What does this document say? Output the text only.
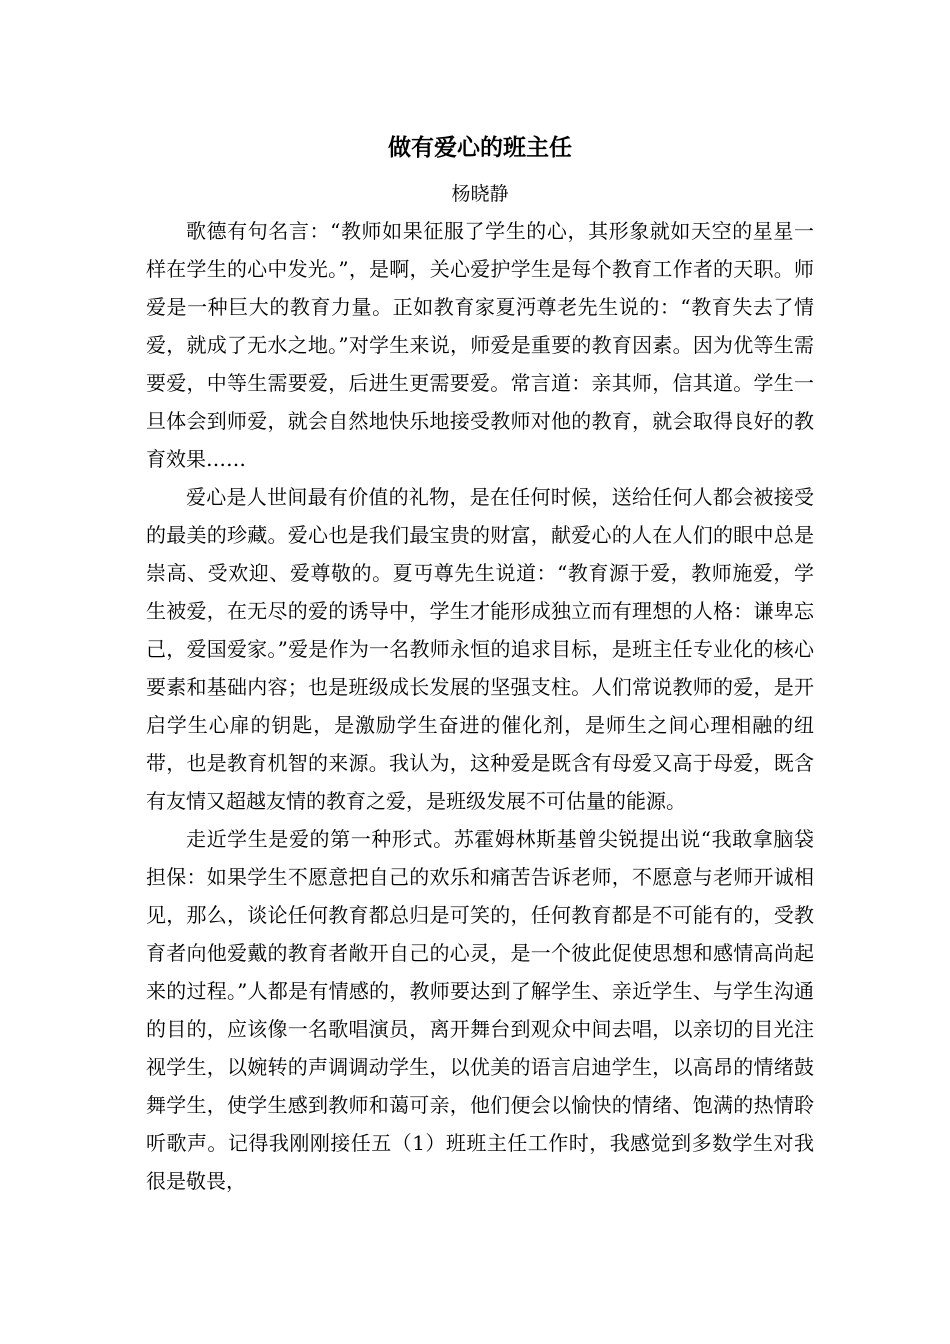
做有爱心的班主任

杨晓静

歌德有句名言：“教师如果征服了学生的心，其形象就如天空的星星一样在学生的心中发光。”，是啊，关心爱护学生是每个教育工作者的天职。师爱是一种巨大的教育力量。正如教育家夏沔尊老先生说的：“教育失去了情爱，就成了无水之地。”对学生来说，师爱是重要的教育因素。因为优等生需要爱，中等生需要爱，后进生更需要爱。常言道：亲其师，信其道。学生一旦体会到师爱，就会自然地快乐地接受教师对他的教育，就会取得良好的教育效果……

爱心是人世间最有价值的礼物，是在任何时候，送给任何人都会被接受的最美的珍藏。爱心也是我们最宝贵的财富，献爱心的人在人们的眼中总是崇高、受欢迎、爱尊敬的。夏丏尊先生说道：“教育源于爱，教师施爱，学生被爱，在无尽的爱的诱导中，学生才能形成独立而有理想的人格：谦卑忘己，爱国爱家。”爱是作为一名教师永恒的追求目标，是班主任专业化的核心要素和基础内容；也是班级成长发展的坚强支柱。人们常说教师的爱，是开启学生心扉的钥匙，是激励学生奋进的催化剂，是师生之间心理相融的纽带，也是教育机智的来源。我认为，这种爱是既含有母爱又高于母爱，既含有友情又超越友情的教育之爱，是班级发展不可估量的能源。

走近学生是爱的第一种形式。苏霍姆林斯基曾尖锐提出说“我敢拿脑袋担保：如果学生不愿意把自己的欢乐和痛苦告诉老师，不愿意与老师开诚相见，那么，谈论任何教育都总归是可笑的，任何教育都是不可能有的，受教育者向他爱戴的教育者敞开自己的心灵，是一个彼此促使思想和感情高尚起来的过程。”人都是有情感的，教师要达到了解学生、亲近学生、与学生沟通的目的，应该像一名歌唱演员，离开舞台到观众中间去唱，以亲切的目光注视学生，以婉转的声调调动学生，以优美的语言启迪学生，以高昂的情绪鼓舞学生，使学生感到教师和蔼可亲，他们便会以愉快的情绪、饱满的热情聆听歌声。记得我刚刚接任五（1）班班主任工作时，我感觉到多数学生对我很是敬畏，
